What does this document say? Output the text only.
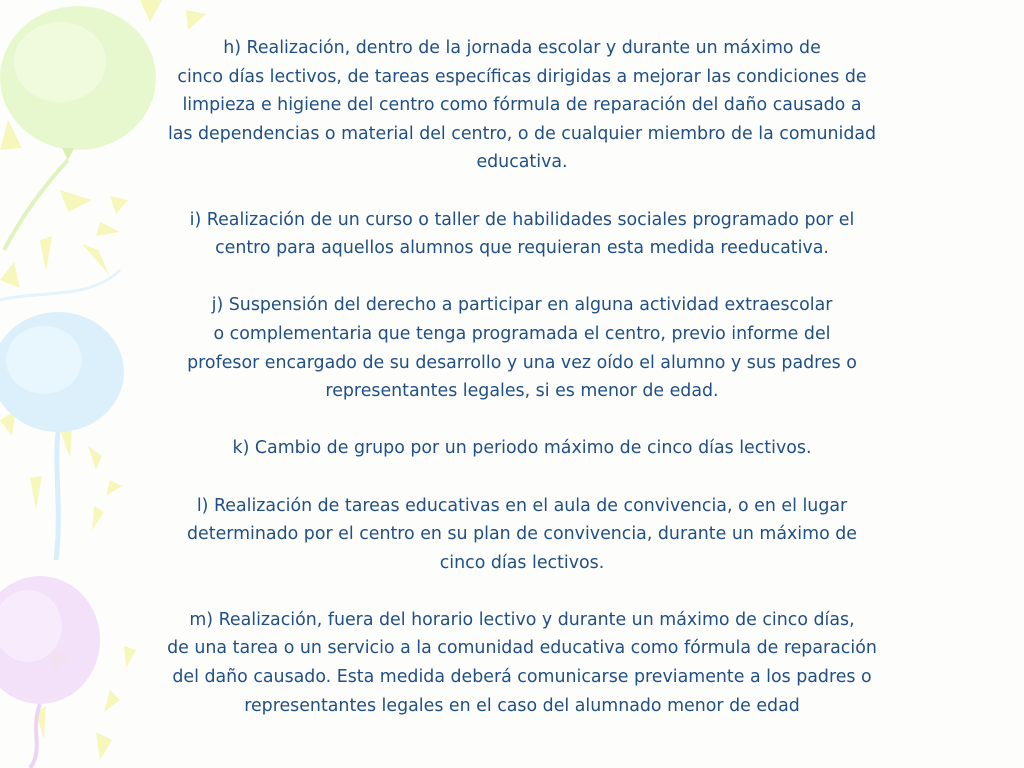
h) Realización, dentro de la jornada escolar y durante un máximo de
cinco días lectivos, de tareas específicas dirigidas a mejorar las condiciones de
limpieza e higiene del centro como fórmula de reparación del daño causado a
las dependencias o material del centro, o de cualquier miembro de la comunidad
educativa.
i) Realización de un curso o taller de habilidades sociales programado por el
centro para aquellos alumnos que requieran esta medida reeducativa.
j) Suspensión del derecho a participar en alguna actividad extraescolar
o complementaria que tenga programada el centro, previo informe del
profesor encargado de su desarrollo y una vez oído el alumno y sus padres o
representantes legales, si es menor de edad.
k) Cambio de grupo por un periodo máximo de cinco días lectivos.
l) Realización de tareas educativas en el aula de convivencia, o en el lugar
determinado por el centro en su plan de convivencia, durante un máximo de
cinco días lectivos.
m) Realización, fuera del horario lectivo y durante un máximo de cinco días,
de una tarea o un servicio a la comunidad educativa como fórmula de reparación
del daño causado. Esta medida deberá comunicarse previamente a los padres o
representantes legales en el caso del alumnado menor de edad
